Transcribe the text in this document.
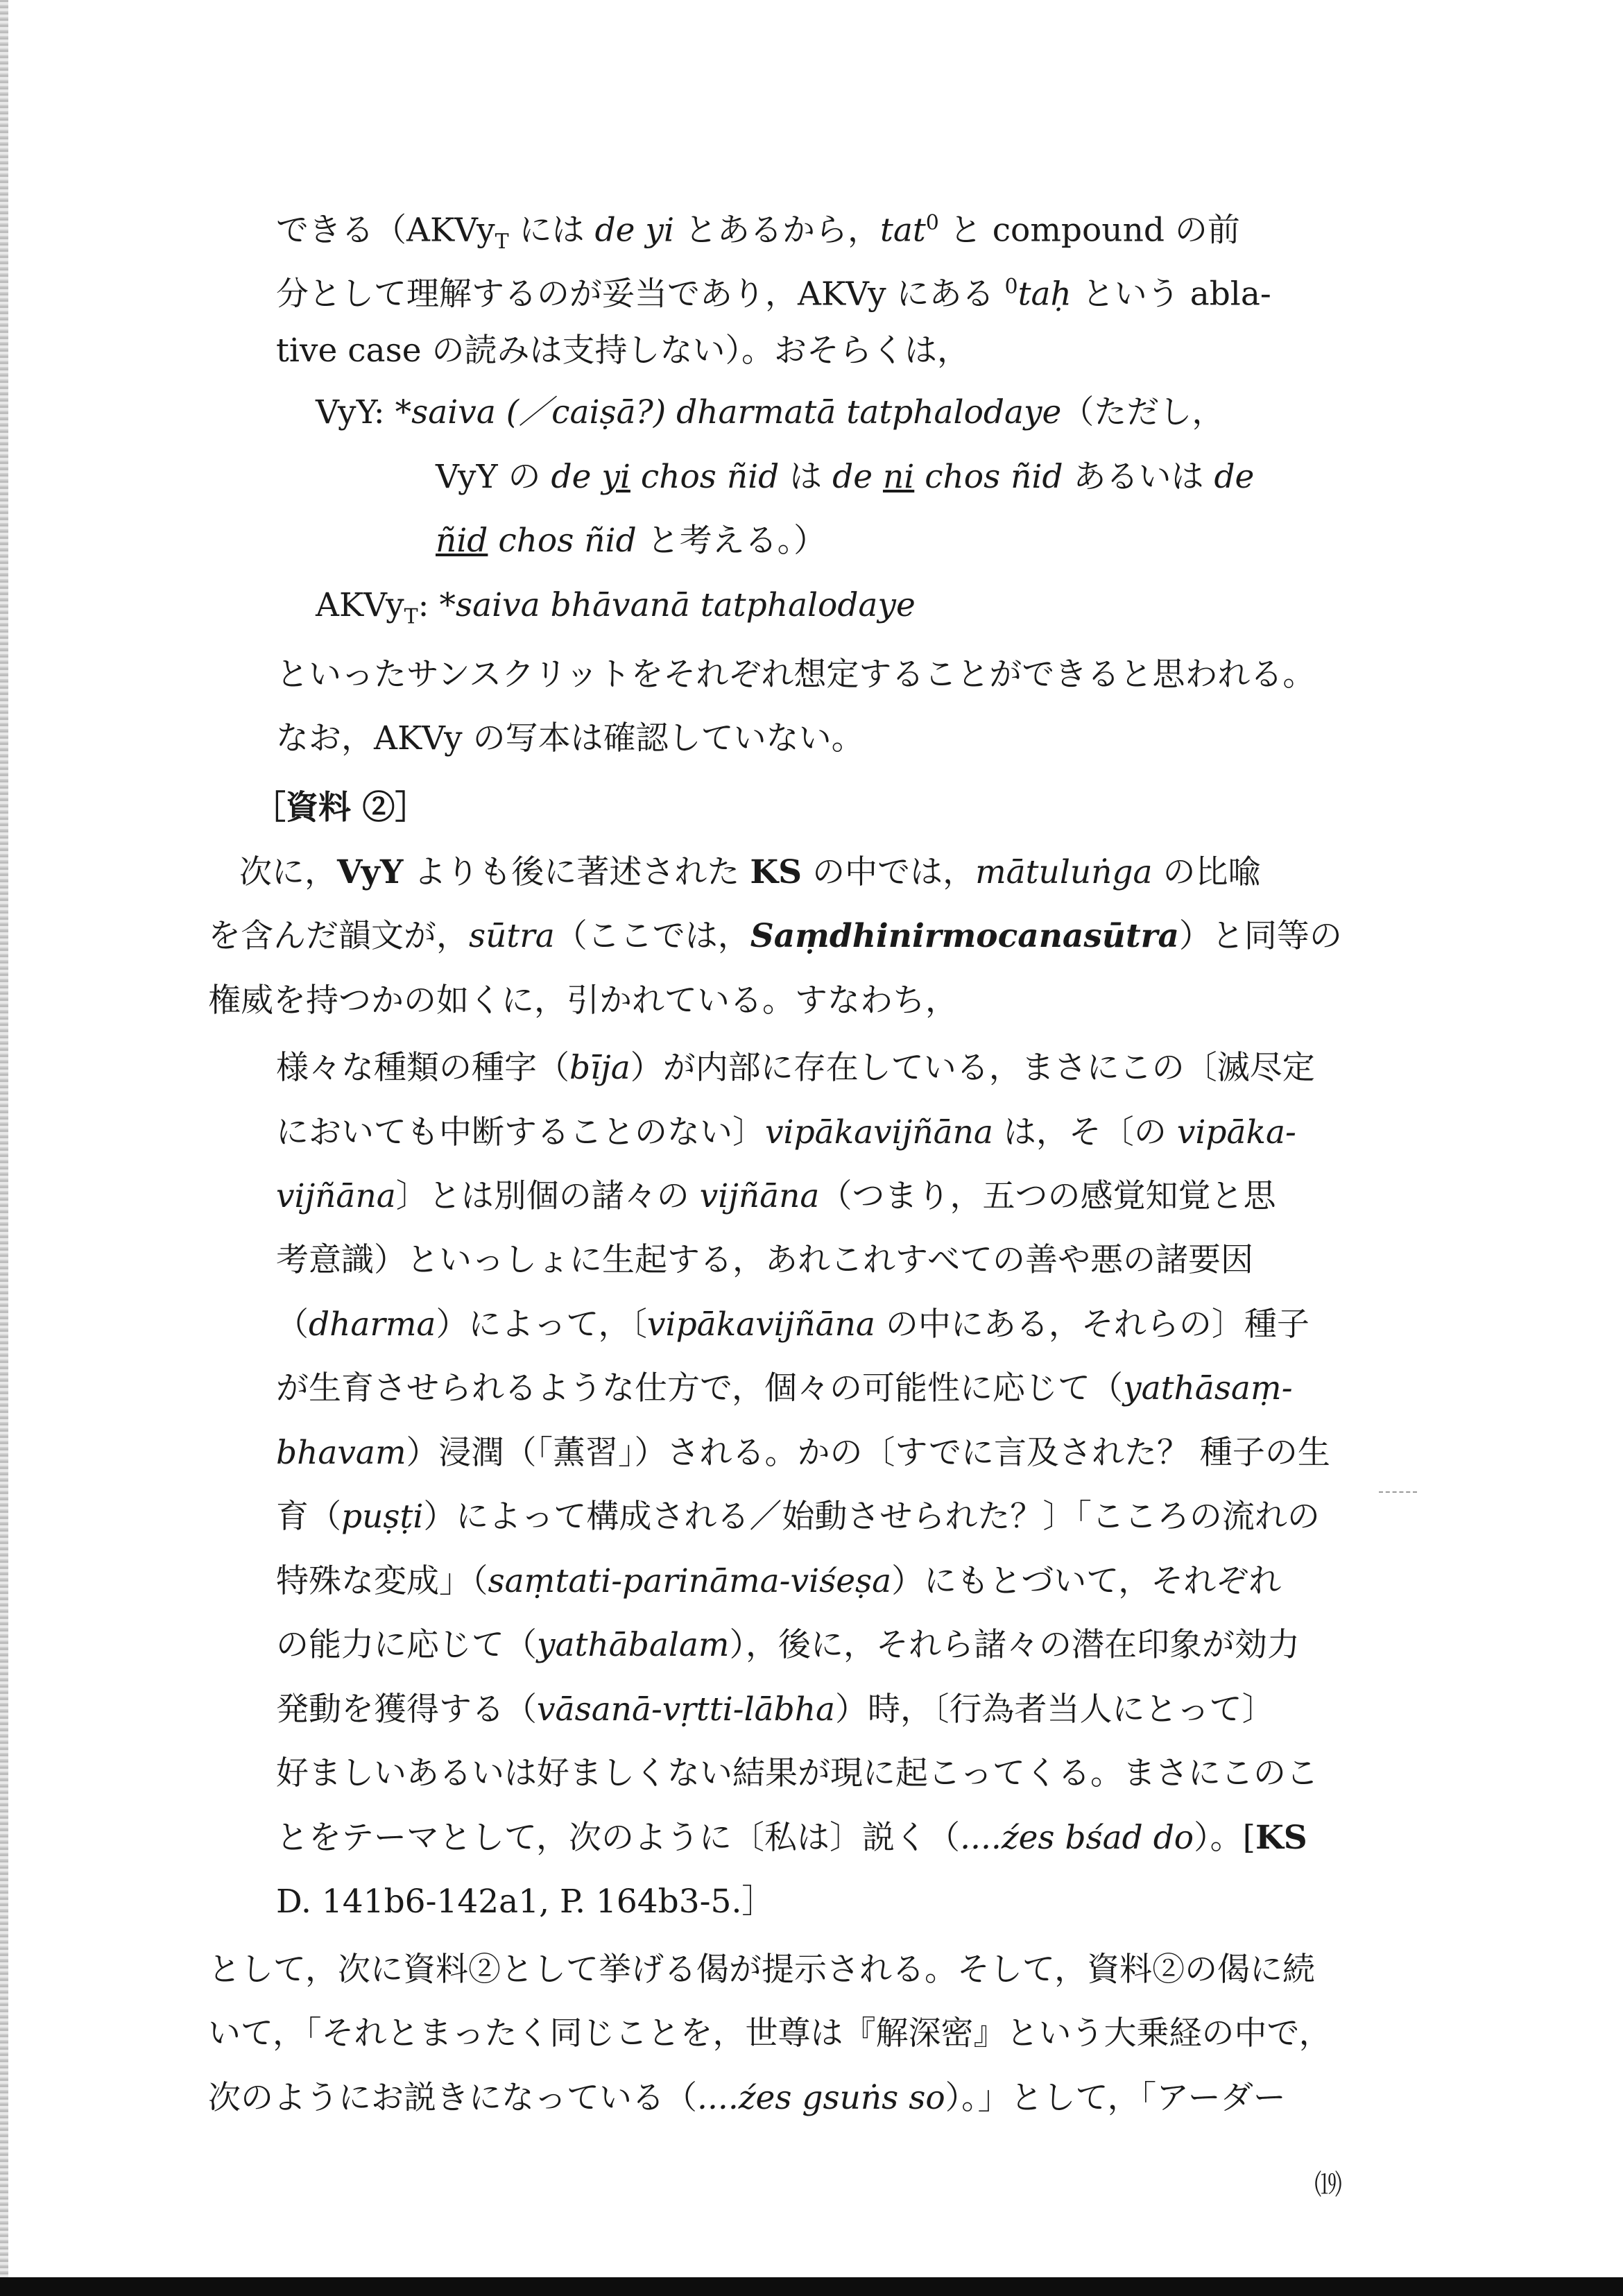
できる（AKVy$_T$ には de yi とあるから，tat$^0$ と compound の前
分として理解するのが妥当であり，AKVy にある $^0$taḥ という abla-
tive case の読みは支持しない）。おそらくは，
VyY: *saiva (／caiṣā?) dharmatā tatphalodaye（ただし，
VyY の de yi chos ñid は de ni chos ñid あるいは de
ñid chos ñid と考える。）
AKVy$_T$: *saiva bhāvanā tatphalodaye
といったサンスクリットをそれぞれ想定することができると思われる。
なお，AKVy の写本は確認していない。
［資料 ②］
次に，VyY よりも後に著述された KS の中では，mātuluṅga の比喩
を含んだ韻文が，sūtra（ここでは，Saṃdhinirmocanasūtra）と同等の
権威を持つかの如くに，引かれている。すなわち，
様々な種類の種字（bīja）が内部に存在している，まさにこの〔滅尽定
においても中断することのない〕vipākavijñāna は，そ〔の vipāka-
vijñāna〕とは別個の諸々の vijñāna（つまり，五つの感覚知覚と思
考意識）といっしょに生起する，あれこれすべての善や悪の諸要因
（dharma）によって，〔vipākavijñāna の中にある，それらの〕種子
が生育させられるような仕方で，個々の可能性に応じて（yathāsaṃ-
bhavam）浸潤（「薫習」）される。かの〔すでに言及された？ 種子の生
育（puṣṭi）によって構成される／始動させられた？〕「こころの流れの
特殊な変成」（saṃtati-parināma-viśeṣa）にもとづいて，それぞれ
の能力に応じて（yathābalam），後に，それら諸々の潜在印象が効力
発動を獲得する（vāsanā-vṛtti-lābha）時，〔行為者当人にとって〕
好ましいあるいは好ましくない結果が現に起こってくる。まさにこのこ
とをテーマとして，次のように〔私は〕説く（....źes bśad do）。[KS
D. 141b6-142a1, P. 164b3-5.］
として，次に資料②として挙げる偈が提示される。そして，資料②の偈に続
いて，「それとまったく同じことを，世尊は『解深密』という大乗経の中で，
次のようにお説きになっている（....źes gsuṅs so）。」として，「アーダー
⒆
